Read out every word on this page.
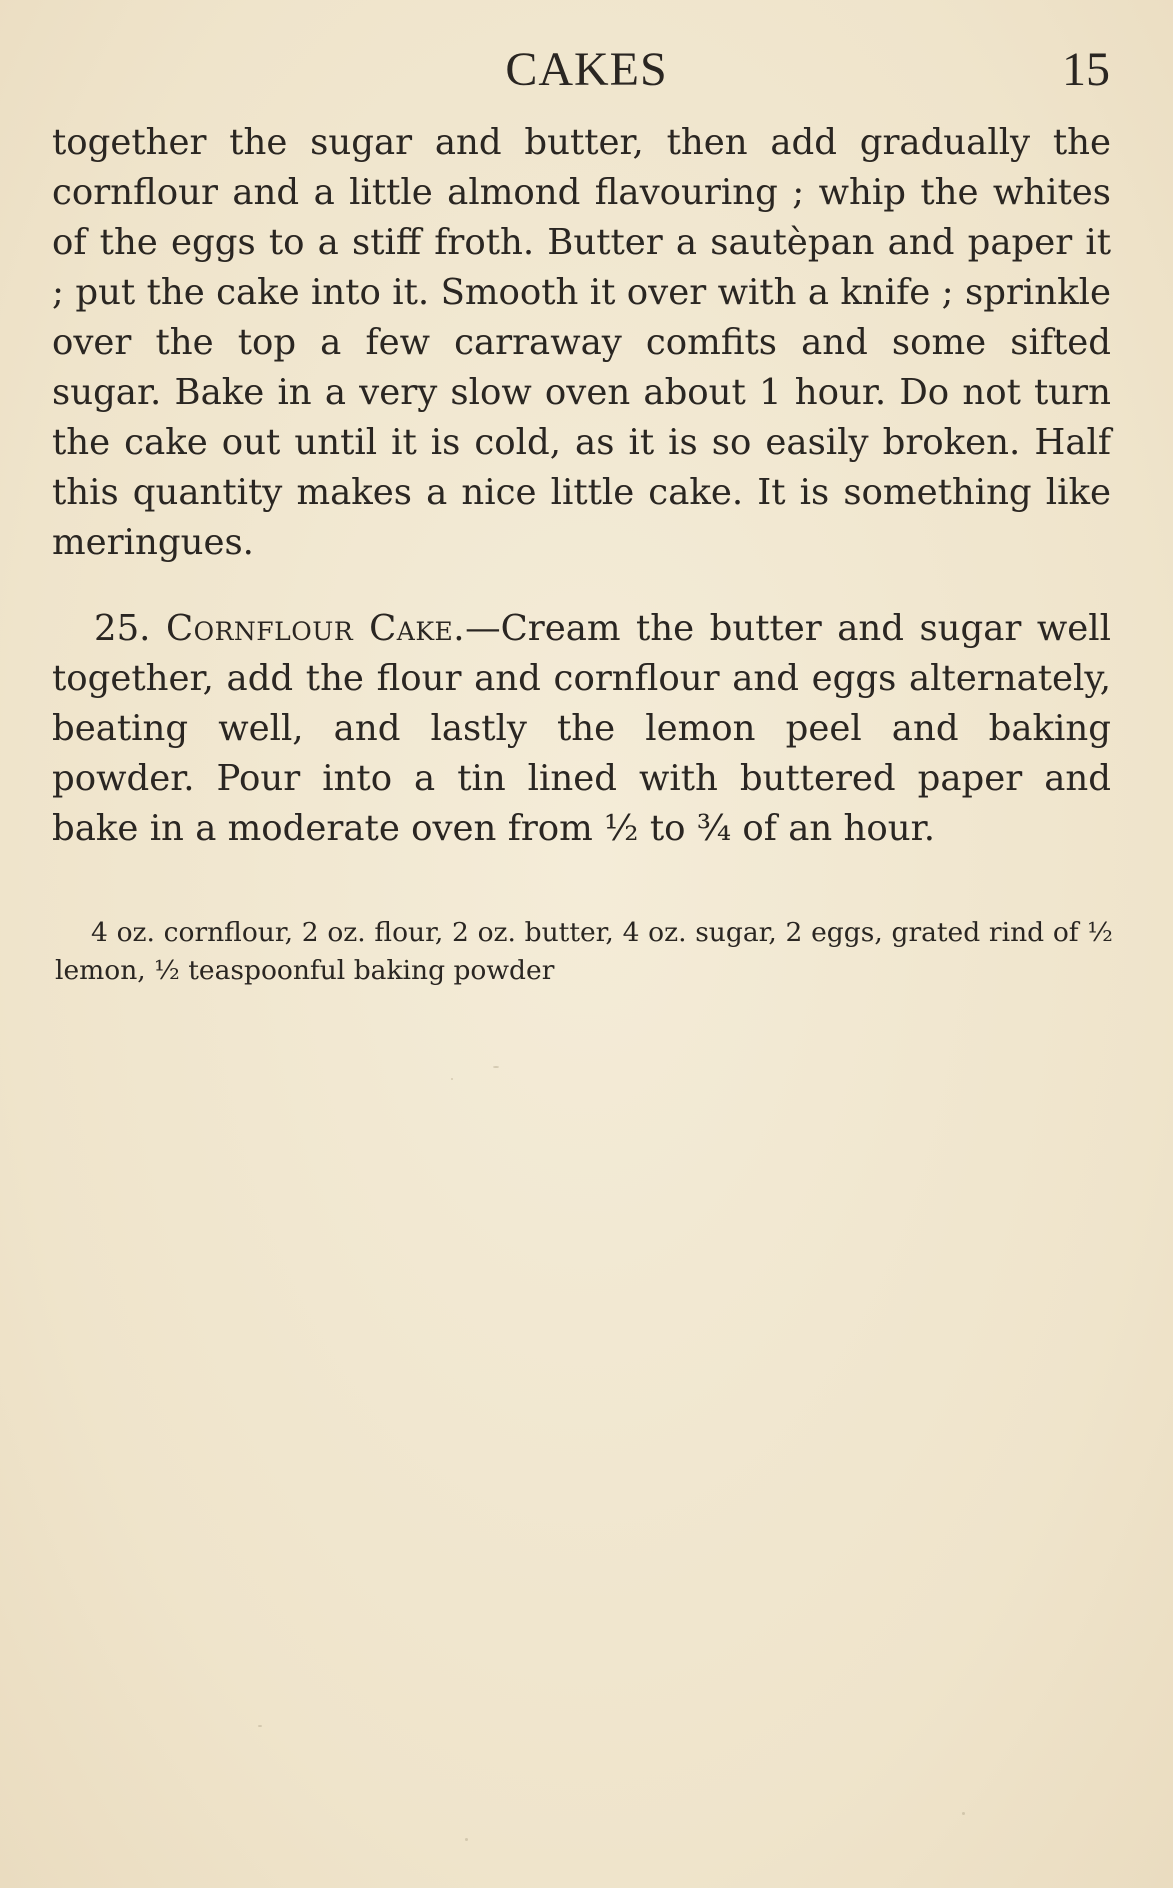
CAKES	15

together the sugar and butter, then add gradually the cornflour and a little almond flavouring ; whip the whites of the eggs to a stiff froth. Butter a sautèpan and paper it ; put the cake into it. Smooth it over with a knife ; sprinkle over the top a few carraway comfits and some sifted sugar. Bake in a very slow oven about 1 hour. Do not turn the cake out until it is cold, as it is so easily broken. Half this quantity makes a nice little cake. It is something like meringues.

25. Cornflour Cake.—Cream the butter and sugar well together, add the flour and cornflour and eggs alternately, beating well, and lastly the lemon peel and baking powder. Pour into a tin lined with buttered paper and bake in a moderate oven from ½ to ¾ of an hour.

4 oz. cornflour, 2 oz. flour, 2 oz. butter, 4 oz. sugar, 2 eggs, grated rind of ½ lemon, ½ teaspoonful baking powder
